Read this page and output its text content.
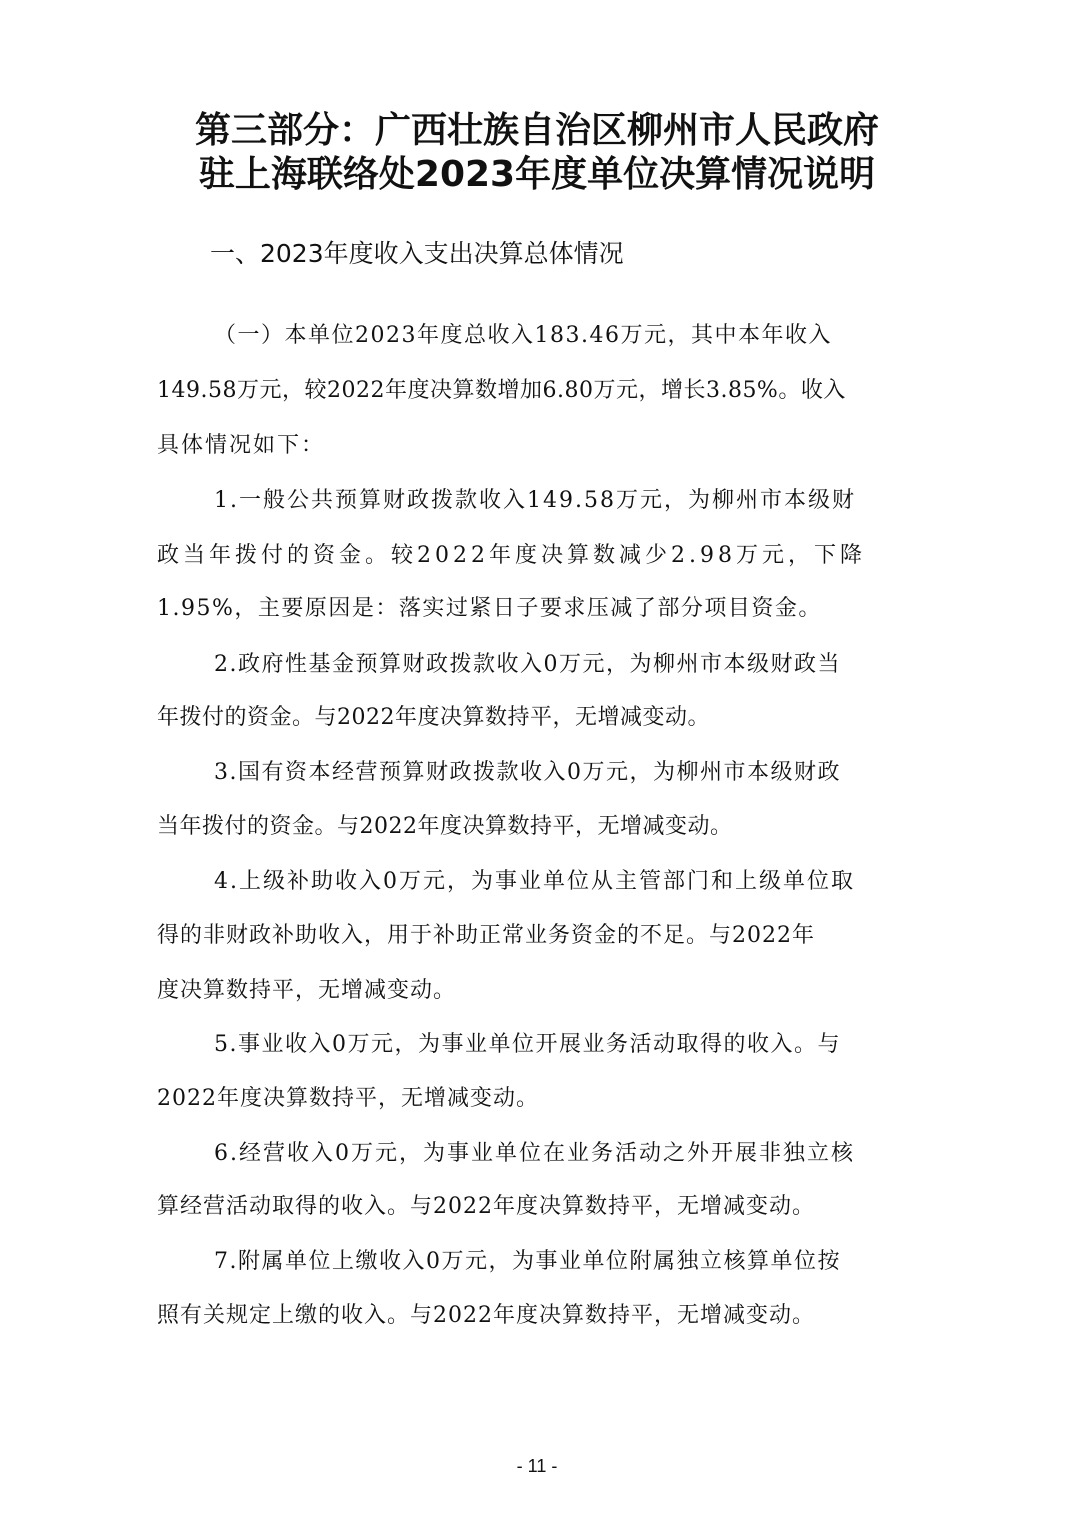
第三部分：广西壮族自治区柳州市人民政府
驻上海联络处2023年度单位决算情况说明
一、2023年度收入支出决算总体情况
（一）本单位2023年度总收入183.46万元，其中本年收入
149.58万元，较2022年度决算数增加6.80万元，增长3.85%。收入
具体情况如下：
1.一般公共预算财政拨款收入149.58万元，为柳州市本级财
政当年拨付的资金。较2022年度决算数减少2.98万元，下降
1.95%，主要原因是：落实过紧日子要求压减了部分项目资金。
2.政府性基金预算财政拨款收入0万元，为柳州市本级财政当
年拨付的资金。与2022年度决算数持平，无增减变动。
3.国有资本经营预算财政拨款收入0万元，为柳州市本级财政
当年拨付的资金。与2022年度决算数持平，无增减变动。
4.上级补助收入0万元，为事业单位从主管部门和上级单位取
得的非财政补助收入，用于补助正常业务资金的不足。与2022年
度决算数持平，无增减变动。
5.事业收入0万元，为事业单位开展业务活动取得的收入。与
2022年度决算数持平，无增减变动。
6.经营收入0万元，为事业单位在业务活动之外开展非独立核
算经营活动取得的收入。与2022年度决算数持平，无增减变动。
7.附属单位上缴收入0万元，为事业单位附属独立核算单位按
照有关规定上缴的收入。与2022年度决算数持平，无增减变动。
- 11 -
